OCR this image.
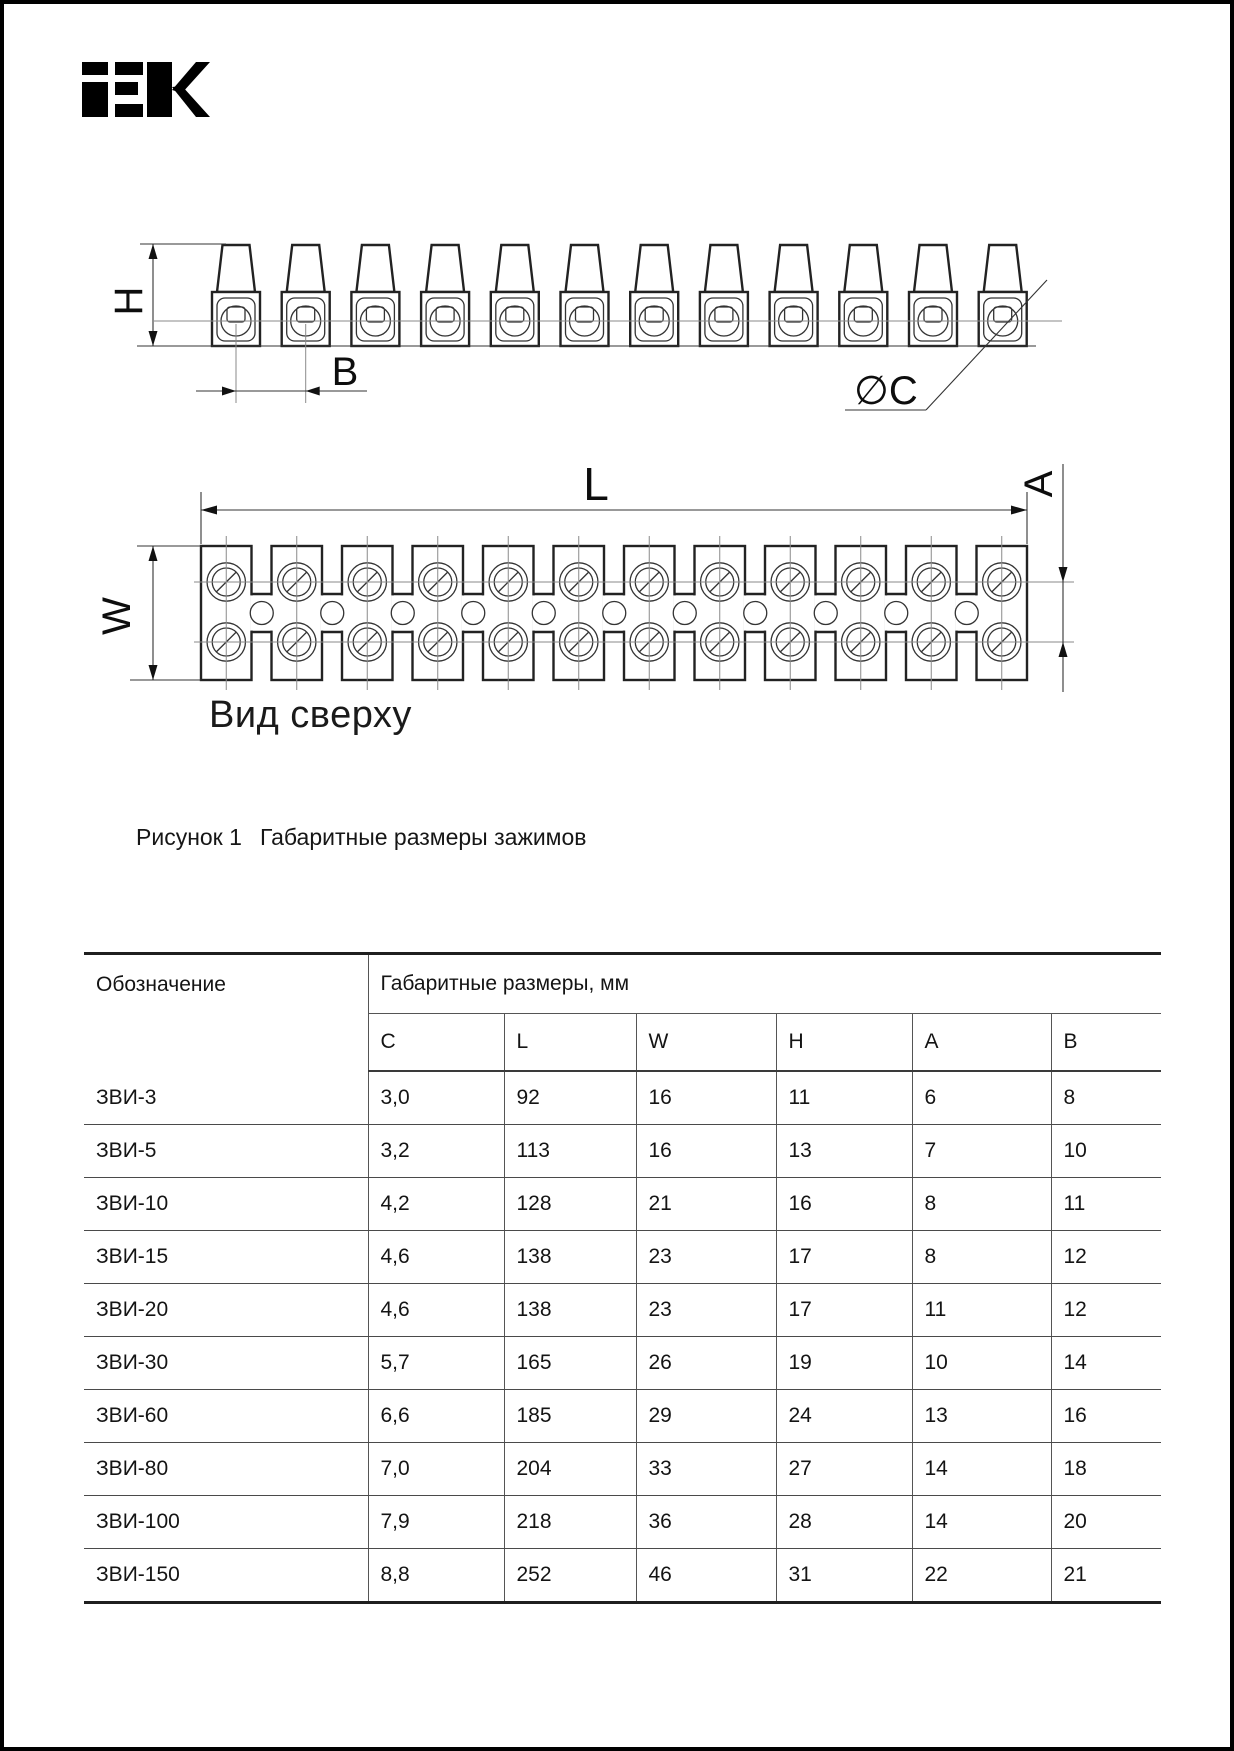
H
B	∅C
L
W
A
Вид сверху
Рисунок 1 Габаритные размеры зажимов
Обозначение	Габаритные размеры, мм					
	C	L	W	H	A	B
ЗВИ-3	3,0	92	16	11	6	8
ЗВИ-5	3,2	113	16	13	7	10
ЗВИ-10	4,2	128	21	16	8	11
ЗВИ-15	4,6	138	23	17	8	12
ЗВИ-20	4,6	138	23	17	11	12
ЗВИ-30	5,7	165	26	19	10	14
ЗВИ-60	6,6	185	29	24	13	16
ЗВИ-80	7,0	204	33	27	14	18
ЗВИ-100	7,9	218	36	28	14	20
ЗВИ-150	8,8	252	46	31	22	21
